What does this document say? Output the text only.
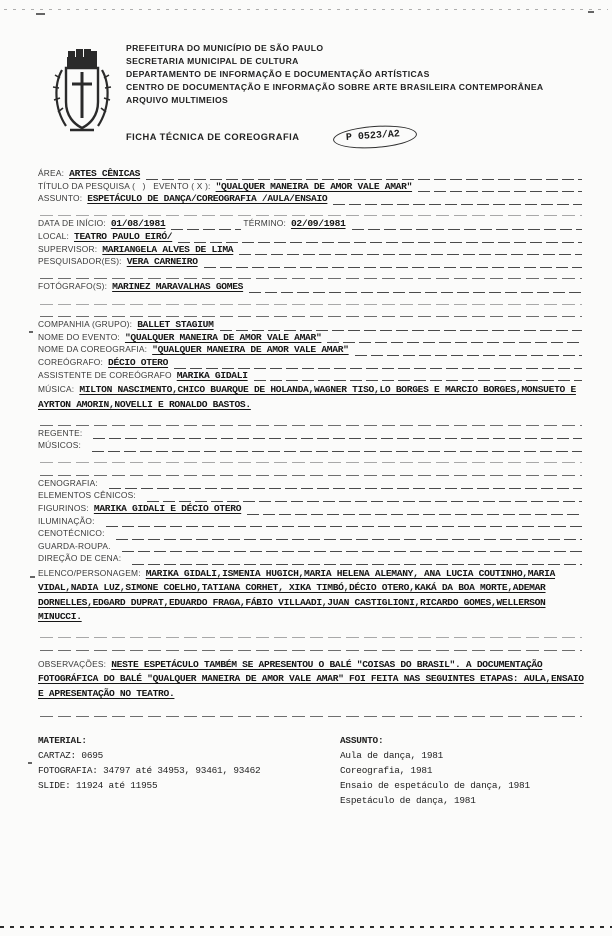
PREFEITURA DO MUNICÍPIO DE SÃO PAULO
SECRETARIA MUNICIPAL DE CULTURA
DEPARTAMENTO DE INFORMAÇÃO E DOCUMENTAÇÃO ARTÍSTICAS
CENTRO DE DOCUMENTAÇÃO E INFORMAÇÃO SOBRE ARTE BRASILEIRA CONTEMPORÂNEA
ARQUIVO MULTIMEIOS
FICHA TÉCNICA DE COREOGRAFIA	P 0523/A2
ÁREA: ARTES CÊNICAS
TÍTULO DA PESQUISA (   )   EVENTO ( X ): "QUALQUER MANEIRA DE AMOR VALE AMAR"
ASSUNTO: ESPETÁCULO DE DANÇA/COREOGRAFIA /AULA/ENSAIO
DATA DE INÍCIO: 01/08/1981	TÉRMINO: 02/09/1981
LOCAL: TEATRO PAULO EIRÓ/
SUPERVISOR: MARIANGELA ALVES DE LIMA
PESQUISADOR(ES): VERA CARNEIRO
FOTÓGRAFO(S): MARINEZ MARAVALHAS GOMES
COMPANHIA (GRUPO): BALLET STAGIUM
NOME DO EVENTO: "QUALQUER MANEIRA DE AMOR VALE AMAR"
NOME DA COREOGRAFIA: "QUALQUER MANEIRA DE AMOR VALE AMAR"
COREÓGRAFO: DÉCIO OTERO
ASSISTENTE DE COREÓGRAFO MARIKA GIDALI

MÚSICA: MILTON NASCIMENTO,CHICO BUARQUE DE HOLANDA,WAGNER TISO,LO BORGES E MARCIO BORGES,MONSUETO E AYRTON AMORIN,NOVELLI E RONALDO BASTOS.

REGENTE:
MÚSICOS:
CENOGRAFIA:
ELEMENTOS CÊNICOS:
FIGURINOS: MARIKA GIDALI E DÉCIO OTERO
ILUMINAÇÃO:
CENOTÉCNICO:
GUARDA-ROUPA.
DIREÇÃO DE CENA:

ELENCO/PERSONAGEM: MARIKA GIDALI,ISMENIA HUGICH,MARIA HELENA ALEMANY, ANA LUCIA COUTINHO,MARIA VIDAL,NADIA LUZ,SIMONE COELHO,TATIANA CORHET, XIKA TIMBÓ,DÉCIO OTERO,KAKÁ DA BOA MORTE,ADEMAR DORNELLES,EDGARD DUPRAT,EDUARDO FRAGA,FÁBIO VILLAADI,JUAN CASTIGLIONI,RICARDO GOMES,WELLERSON MINUCCI.

OBSERVAÇÕES: NESTE ESPETÁCULO TAMBÉM SE APRESENTOU O BALÉ "COISAS DO BRASIL". A DOCUMENTAÇÃO FOTOGRÁFICA DO BALÉ "QUALQUER MANEIRA DE AMOR VALE AMAR" FOI FEITA NAS SEGUINTES ETAPAS: AULA,ENSAIO E APRESENTAÇÃO NO TEATRO.

MATERIAL:
CARTAZ: 0695
FOTOGRAFIA: 34797 até 34953, 93461, 93462
SLIDE: 11924 até 11955
ASSUNTO:
Aula de dança, 1981
Coreografia, 1981
Ensaio de espetáculo de dança, 1981
Espetáculo de dança, 1981
